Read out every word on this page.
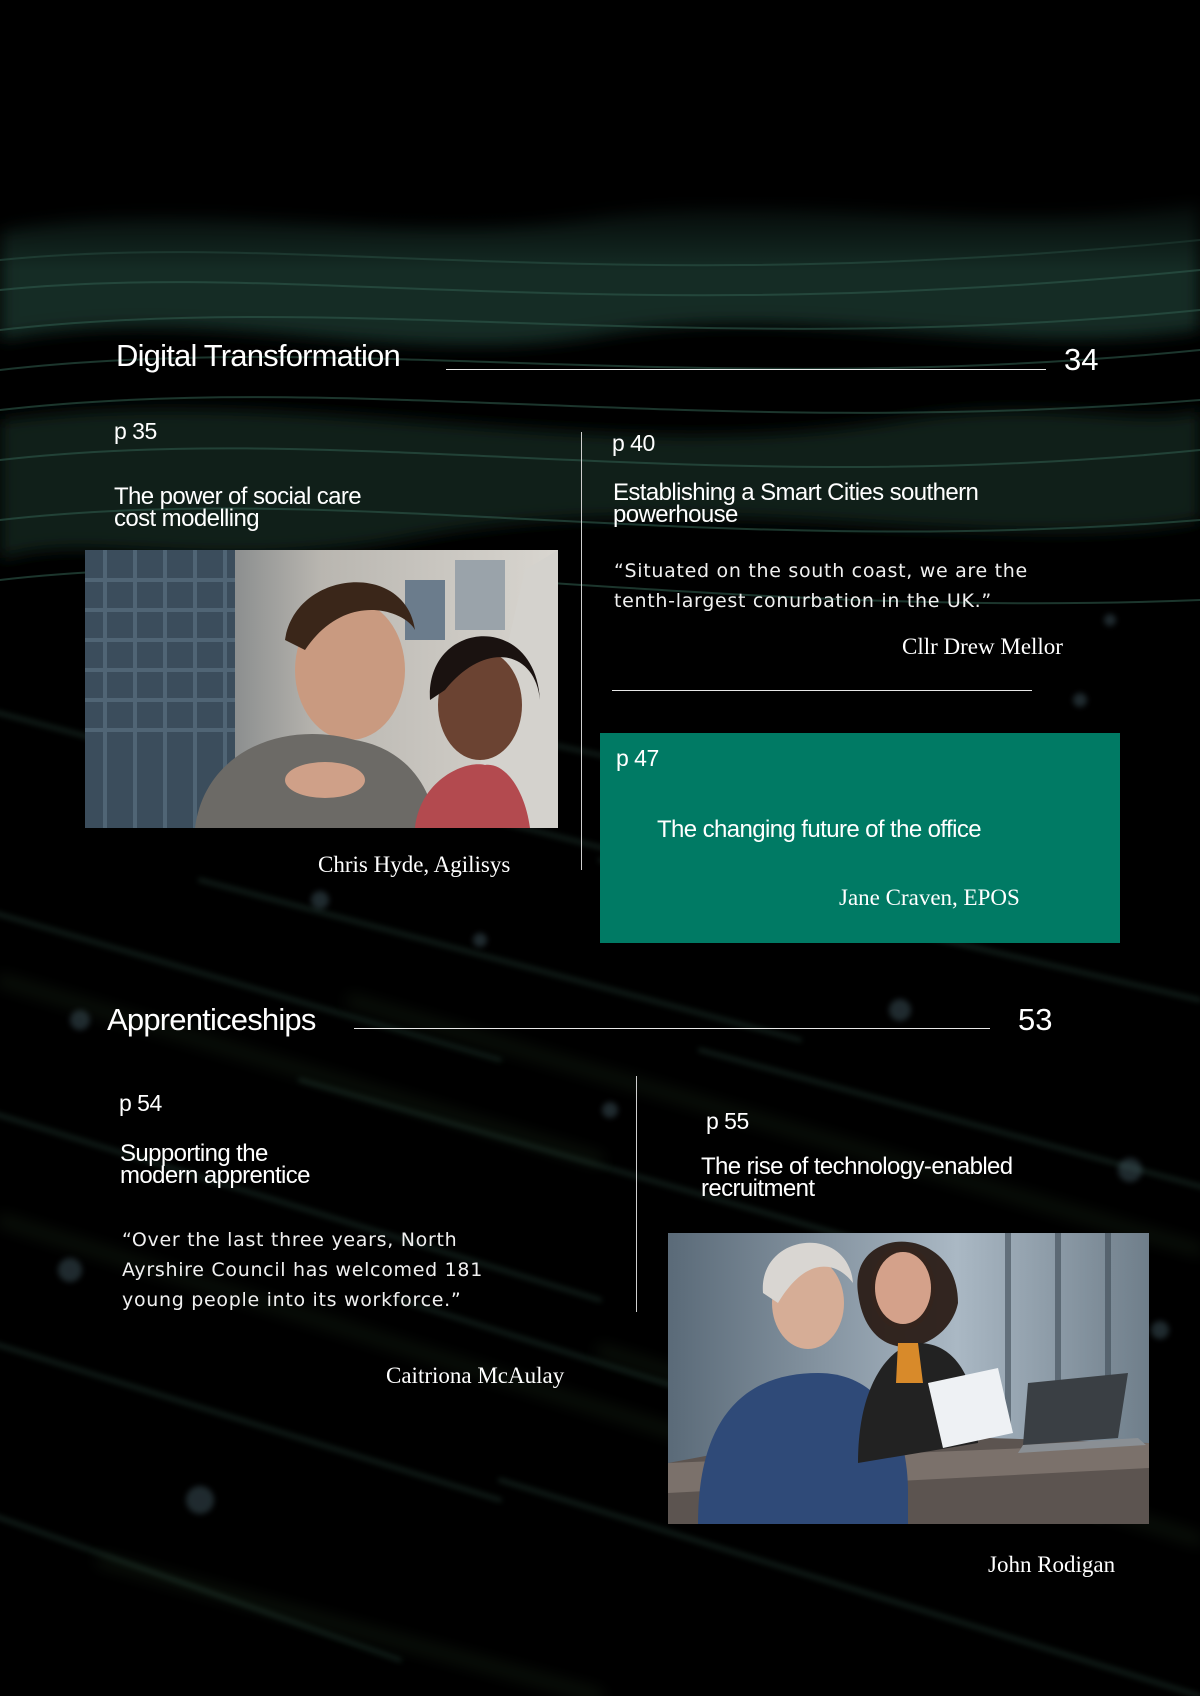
Digital Transformation	34
p 35
The power of social care
cost modelling
Chris Hyde, Agilisys
p 40
Establishing a Smart Cities southern
powerhouse
“Situated on the south coast, we are the
tenth-largest conurbation in the UK.”
Cllr Drew Mellor
p 47
The changing future of the office
Jane Craven, EPOS
Apprenticeships	53
p 54
Supporting the
modern apprentice
“Over the last three years, North
Ayrshire Council has welcomed 181
young people into its workforce.”
Caitriona McAulay
p 55
The rise of technology-enabled
recruitment
John Rodigan
